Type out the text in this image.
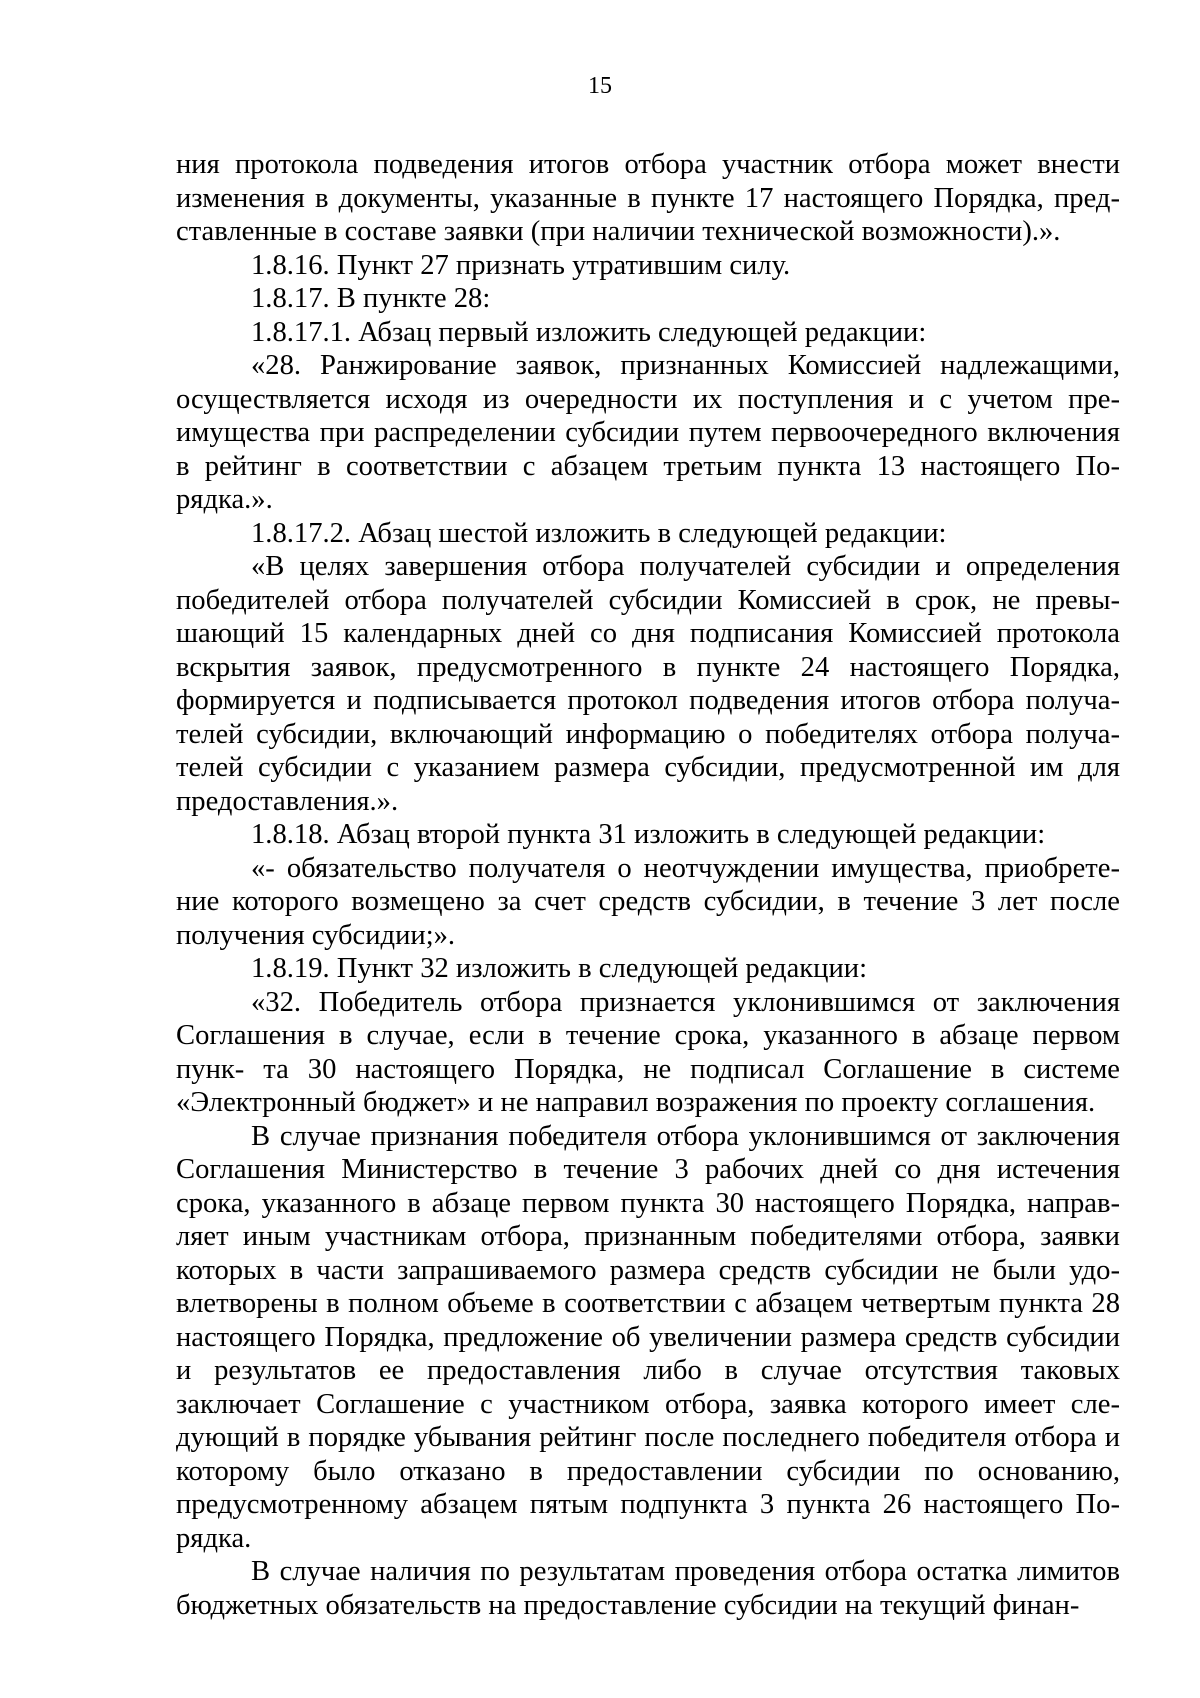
15

ния протокола подведения итогов отбора участник отбора может внести изменения в документы, указанные в пункте 17 настоящего Порядка, представленные в составе заявки (при наличии технической возможности).».

1.8.16. Пункт 27 признать утратившим силу.

1.8.17. В пункте 28:

1.8.17.1. Абзац первый изложить следующей редакции:

«28. Ранжирование заявок, признанных Комиссией надлежащими, осуществляется исходя из очередности их поступления и с учетом преимущества при распределении субсидии путем первоочередного включения в рейтинг в соответствии с абзацем третьим пункта 13 настоящего Порядка.».

1.8.17.2. Абзац шестой изложить в следующей редакции:

«В целях завершения отбора получателей субсидии и определения победителей отбора получателей субсидии Комиссией в срок, не превышающий 15 календарных дней со дня подписания Комиссией протокола вскрытия заявок, предусмотренного в пункте 24 настоящего Порядка, формируется и подписывается протокол подведения итогов отбора получателей субсидии, включающий информацию о победителях отбора получателей субсидии с указанием размера субсидии, предусмотренной им для предоставления.».

1.8.18. Абзац второй пункта 31 изложить в следующей редакции:

«- обязательство получателя о неотчуждении имущества, приобретение которого возмещено за счет средств субсидии, в течение 3 лет после получения субсидии;».

1.8.19. Пункт 32 изложить в следующей редакции:

«32. Победитель отбора признается уклонившимся от заключения Соглашения в случае, если в течение срока, указанного в абзаце первом пунк- та 30 настоящего Порядка, не подписал Соглашение в системе «Электронный бюджет» и не направил возражения по проекту соглашения.

В случае признания победителя отбора уклонившимся от заключения Соглашения Министерство в течение 3 рабочих дней со дня истечения срока, указанного в абзаце первом пункта 30 настоящего Порядка, направляет иным участникам отбора, признанным победителями отбора, заявки которых в части запрашиваемого размера средств субсидии не были удовлетворены в полном объеме в соответствии с абзацем четвертым пункта 28 настоящего Порядка, предложение об увеличении размера средств субсидии и результатов ее предоставления либо в случае отсутствия таковых заключает Соглашение с участником отбора, заявка которого имеет следующий в порядке убывания рейтинг после последнего победителя отбора и которому было отказано в предоставлении субсидии по основанию, предусмотренному абзацем пятым подпункта 3 пункта 26 настоящего Порядка.

В случае наличия по результатам проведения отбора остатка лимитов бюджетных обязательств на предоставление субсидии на текущий финан-
